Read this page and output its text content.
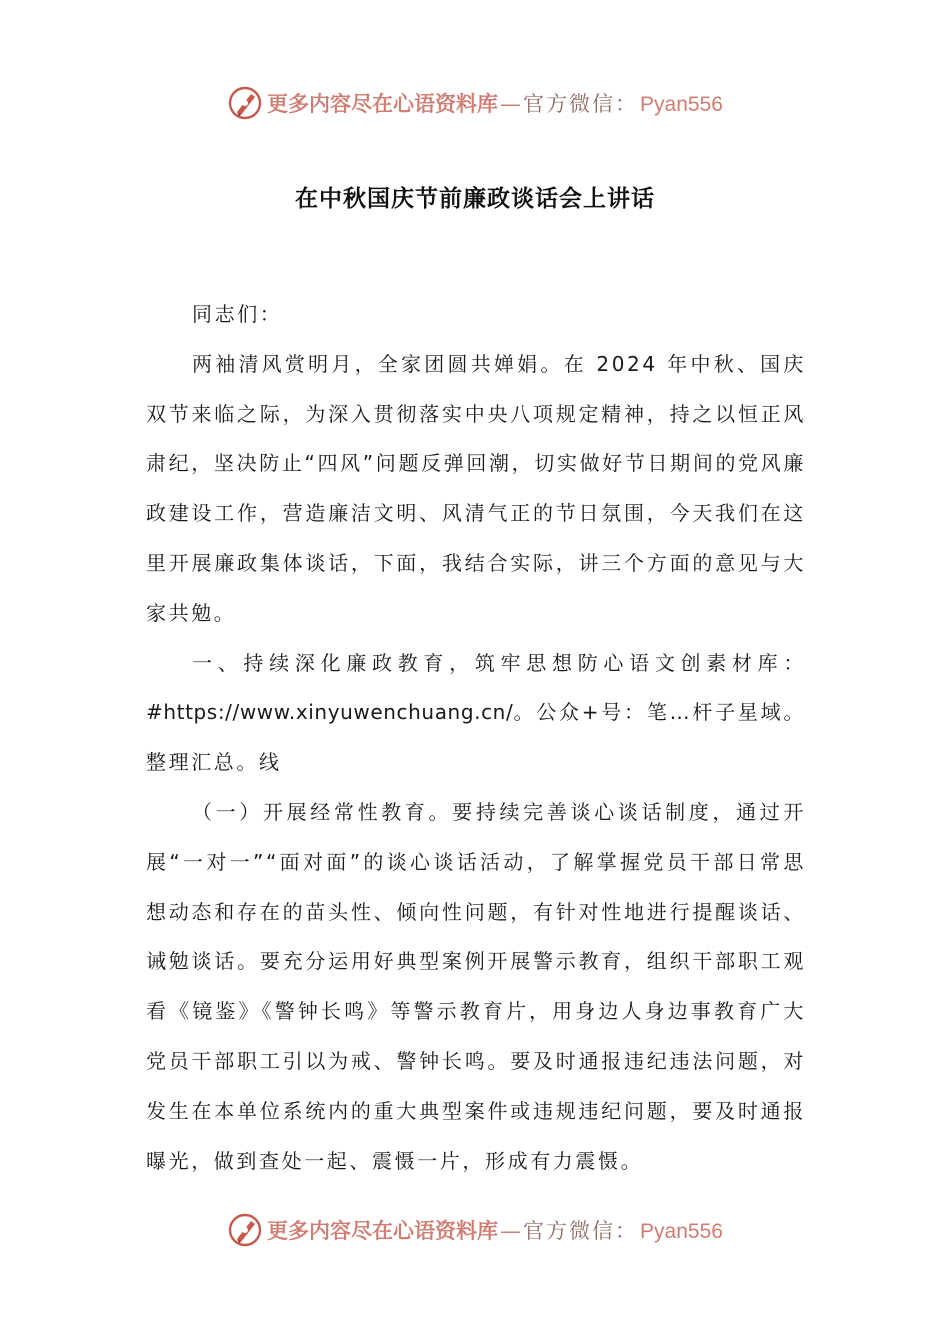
更多内容尽在心语资料库 — 官方微信： Pyan556
在中秋国庆节前廉政谈话会上讲话

同志们：

两袖清风赏明月，全家团圆共婵娟。在 2024 年中秋、国庆双节来临之际，为深入贯彻落实中央八项规定精神，持之以恒正风肃纪，坚决防止“四风”问题反弹回潮，切实做好节日期间的党风廉政建设工作，营造廉洁文明、风清气正的节日氛围，今天我们在这里开展廉政集体谈话，下面，我结合实际，讲三个方面的意见与大家共勉。

一、持续深化廉政教育，筑牢思想防心语文创素材库：#https://www.xinyuwenchuang.cn/。公众+号：笔…杆子星域。整理汇总。线

（一）开展经常性教育。要持续完善谈心谈话制度，通过开展“一对一”“面对面”的谈心谈话活动，了解掌握党员干部日常思想动态和存在的苗头性、倾向性问题，有针对性地进行提醒谈话、诫勉谈话。要充分运用好典型案例开展警示教育，组织干部职工观看《镜鉴》《警钟长鸣》等警示教育片，用身边人身边事教育广大党员干部职工引以为戒、警钟长鸣。要及时通报违纪违法问题，对发生在本单位系统内的重大典型案件或违规违纪问题，要及时通报曝光，做到查处一起、震慑一片，形成有力震慑。

更多内容尽在心语资料库 — 官方微信： Pyan556
